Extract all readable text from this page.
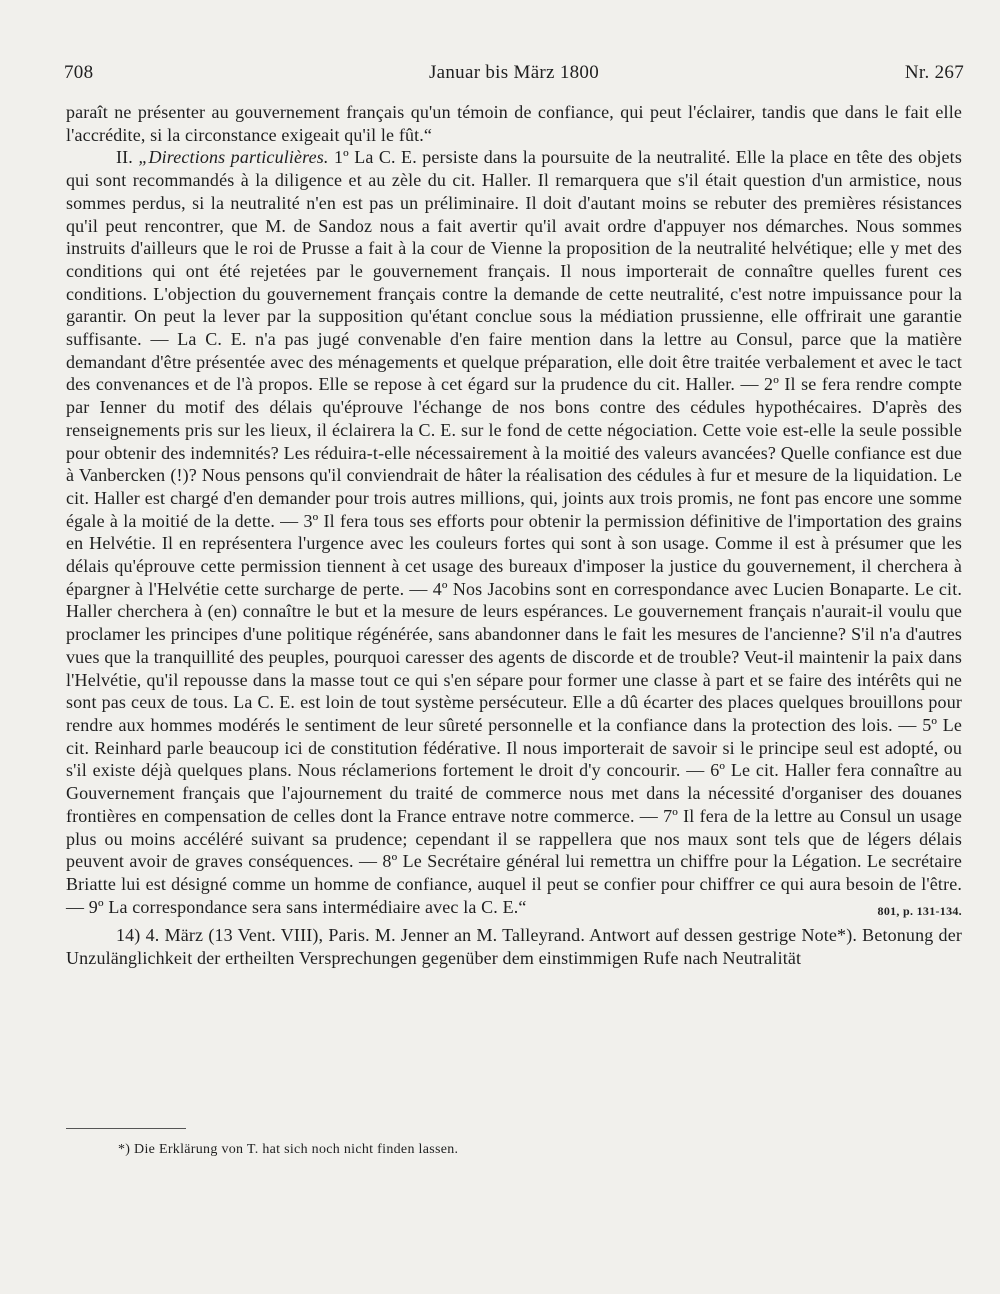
708	Januar bis März 1800	Nr. 267

paraît ne présenter au gouvernement français qu'un témoin de confiance, qui peut l'éclairer, tandis que dans le fait elle l'accrédite, si la circonstance exigeait qu'il le fût.“

II. „Directions particulières. 1º La C. E. persiste dans la poursuite de la neutralité. Elle la place en tête des objets qui sont recommandés à la diligence et au zèle du cit. Haller. Il remarquera que s'il était question d'un armistice, nous sommes perdus, si la neutralité n'en est pas un préliminaire. Il doit d'autant moins se rebuter des premières résistances qu'il peut rencontrer, que M. de Sandoz nous a fait avertir qu'il avait ordre d'appuyer nos démarches. Nous sommes instruits d'ailleurs que le roi de Prusse a fait à la cour de Vienne la proposition de la neutralité helvétique; elle y met des conditions qui ont été rejetées par le gouvernement français. Il nous importerait de connaître quelles furent ces conditions. L'objection du gouvernement français contre la demande de cette neutralité, c'est notre impuissance pour la garantir. On peut la lever par la supposition qu'étant conclue sous la médiation prussienne, elle offrirait une garantie suffisante. — La C. E. n'a pas jugé convenable d'en faire mention dans la lettre au Consul, parce que la matière demandant d'être présentée avec des ménagements et quelque préparation, elle doit être traitée verbalement et avec le tact des convenances et de l'à propos. Elle se repose à cet égard sur la prudence du cit. Haller. — 2º Il se fera rendre compte par Ienner du motif des délais qu'éprouve l'échange de nos bons contre des cédules hypothécaires. D'après des renseignements pris sur les lieux, il éclairera la C. E. sur le fond de cette négociation. Cette voie est-elle la seule possible pour obtenir des indemnités? Les réduira-t-elle nécessairement à la moitié des valeurs avancées? Quelle confiance est due à Vanbercken (!)? Nous pensons qu'il conviendrait de hâter la réalisation des cédules à fur et mesure de la liquidation. Le cit. Haller est chargé d'en demander pour trois autres millions, qui, joints aux trois promis, ne font pas encore une somme égale à la moitié de la dette. — 3º Il fera tous ses efforts pour obtenir la permission définitive de l'importation des grains en Helvétie. Il en représentera l'urgence avec les couleurs fortes qui sont à son usage. Comme il est à présumer que les délais qu'éprouve cette permission tiennent à cet usage des bureaux d'imposer la justice du gouvernement, il cherchera à épargner à l'Helvétie cette surcharge de perte. — 4º Nos Jacobins sont en correspondance avec Lucien Bonaparte. Le cit. Haller cherchera à (en) connaître le but et la mesure de leurs espérances. Le gouvernement français n'aurait-il voulu que proclamer les principes d'une politique régénérée, sans abandonner dans le fait les mesures de l'ancienne? S'il n'a d'autres vues que la tranquillité des peuples, pourquoi caresser des agents de discorde et de trouble? Veut-il maintenir la paix dans l'Helvétie, qu'il repousse dans la masse tout ce qui s'en sépare pour former une classe à part et se faire des intérêts qui ne sont pas ceux de tous. La C. E. est loin de tout système persécuteur. Elle a dû écarter des places quelques brouillons pour rendre aux hommes modérés le sentiment de leur sûreté personnelle et la confiance dans la protection des lois. — 5º Le cit. Reinhard parle beaucoup ici de constitution fédérative. Il nous importerait de savoir si le principe seul est adopté, ou s'il existe déjà quelques plans. Nous réclamerions fortement le droit d'y concourir. — 6º Le cit. Haller fera connaître au Gouvernement français que l'ajournement du traité de commerce nous met dans la nécessité d'organiser des douanes frontières en compensation de celles dont la France entrave notre commerce. — 7º Il fera de la lettre au Consul un usage plus ou moins accéléré suivant sa prudence; cependant il se rappellera que nos maux sont tels que de légers délais peuvent avoir de graves conséquences. — 8º Le Secrétaire général lui remettra un chiffre pour la Légation. Le secrétaire Briatte lui est désigné comme un homme de confiance, auquel il peut se confier pour chiffrer ce qui aura besoin de l'être. — 9º La correspondance sera sans intermédiaire avec la C. E.“	801, p. 131-134.

14) 4. März (13 Vent. VIII), Paris. M. Jenner an M. Talleyrand. Antwort auf dessen gestrige Note*). Betonung der Unzulänglichkeit der ertheilten Versprechungen gegenüber dem einstimmigen Rufe nach Neutralität

*) Die Erklärung von T. hat sich noch nicht finden lassen.
